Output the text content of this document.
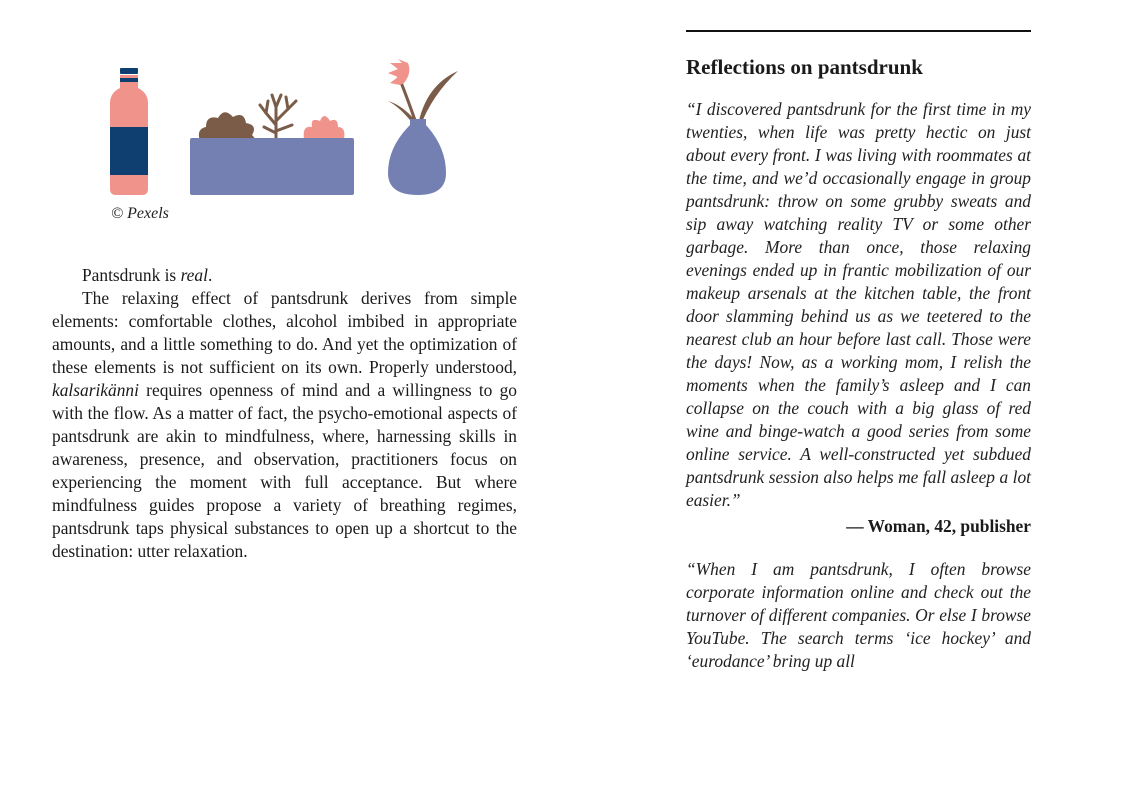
© Pexels

Pantsdrunk is real.

The relaxing effect of pantsdrunk derives from simple elements: comfortable clothes, alcohol imbibed in appropriate amounts, and a little something to do. And yet the optimization of these elements is not sufficient on its own. Properly understood, kalsarikänni requires openness of mind and a willingness to go with the flow. As a matter of fact, the psycho-emotional aspects of pantsdrunk are akin to mindfulness, where, harnessing skills in awareness, presence, and observation, practitioners focus on experiencing the moment with full acceptance. But where mindfulness guides propose a variety of breathing regimes, pantsdrunk taps physical substances to open up a shortcut to the destination: utter relaxation.

Reflections on pantsdrunk

“I discovered pantsdrunk for the first time in my twenties, when life was pretty hectic on just about every front. I was living with roommates at the time, and we’d occasionally engage in group pantsdrunk: throw on some grubby sweats and sip away watching reality TV or some other garbage. More than once, those relaxing evenings ended up in frantic mobilization of our makeup arsenals at the kitchen table, the front door slamming behind us as we teetered to the nearest club an hour before last call. Those were the days! Now, as a working mom, I relish the moments when the family’s asleep and I can collapse on the couch with a big glass of red wine and binge-watch a good series from some online service. A well-constructed yet subdued pantsdrunk session also helps me fall asleep a lot easier.”

— Woman, 42, publisher

“When I am pantsdrunk, I often browse corporate information online and check out the turnover of different companies. Or else I browse YouTube. The search terms ‘ice hockey’ and ‘eurodance’ bring up all
